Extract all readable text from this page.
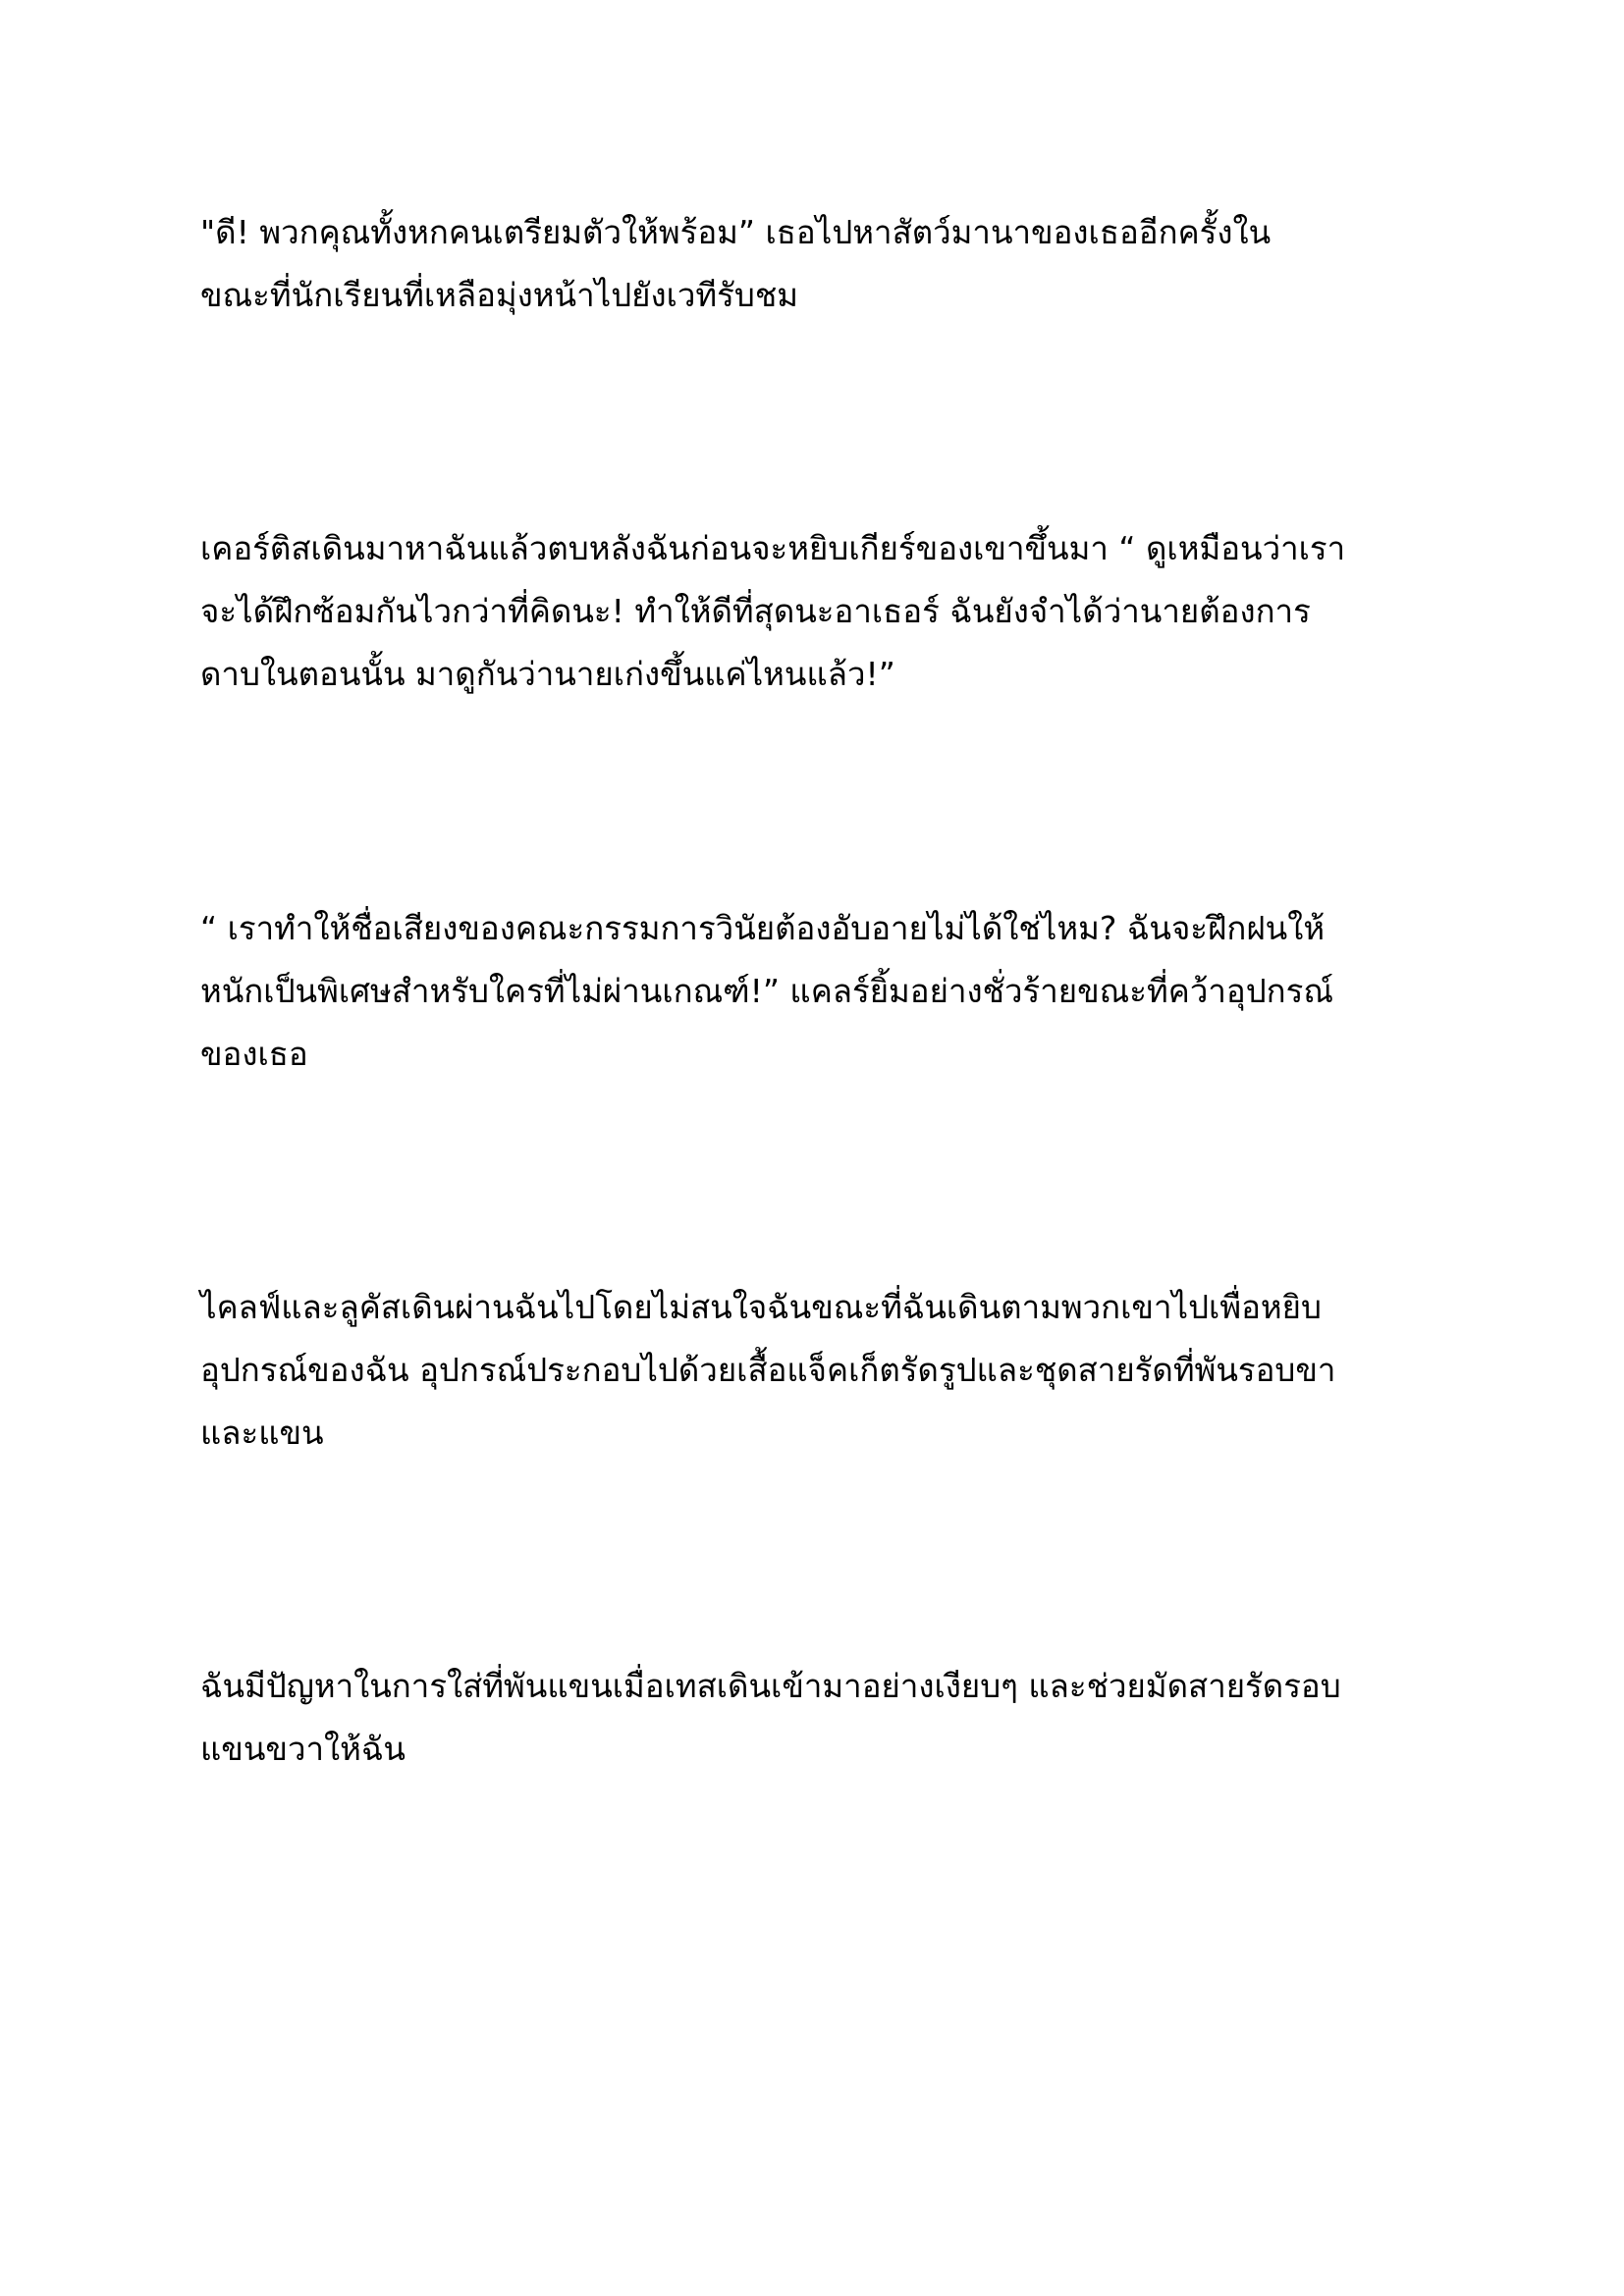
"ดี! พวกคุณทั้งหกคนเตรียมตัวให้พร้อม” เธอไปหาสัตว์มานาของเธออีกครั้งใน
ขณะที่นักเรียนที่เหลือมุ่งหน้าไปยังเวทีรับชม

เคอร์ติสเดินมาหาฉันแล้วตบหลังฉันก่อนจะหยิบเกียร์ของเขาขึ้นมา “ ดูเหมือนว่าเรา
จะได้ฝึกซ้อมกันไวกว่าที่คิดนะ! ทำให้ดีที่สุดนะอาเธอร์ ฉันยังจำได้ว่านายต้องการ
ดาบในตอนนั้น มาดูกันว่านายเก่งขึ้นแค่ไหนแล้ว!”

“ เราทำให้ชื่อเสียงของคณะกรรมการวินัยต้องอับอายไม่ได้ใช่ไหม? ฉันจะฝึกฝนให้
หนักเป็นพิเศษสำหรับใครที่ไม่ผ่านเกณฑ์!” แคลร์ยิ้มอย่างชั่วร้ายขณะที่คว้าอุปกรณ์
ของเธอ

ไคลฟ์และลูคัสเดินผ่านฉันไปโดยไม่สนใจฉันขณะที่ฉันเดินตามพวกเขาไปเพื่อหยิบ
อุปกรณ์ของฉัน อุปกรณ์ประกอบไปด้วยเสื้อแจ็คเก็ตรัดรูปและชุดสายรัดที่พันรอบขา
และแขน

ฉันมีปัญหาในการใส่ที่พันแขนเมื่อเทสเดินเข้ามาอย่างเงียบๆ และช่วยมัดสายรัดรอบ
แขนขวาให้ฉัน
